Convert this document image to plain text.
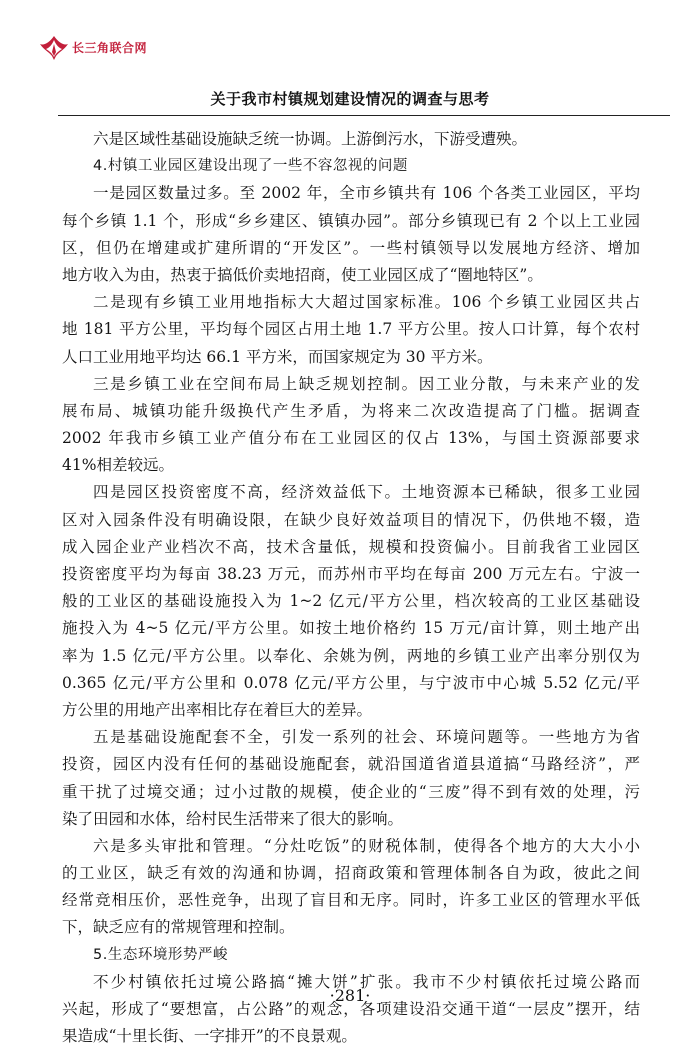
长三角联合网
关于我市村镇规划建设情况的调查与思考
六是区域性基础设施缺乏统一协调。上游倒污水，下游受遭殃。
4.村镇工业园区建设出现了一些不容忽视的问题
一是园区数量过多。至 2002 年，全市乡镇共有 106 个各类工业园区，平均
每个乡镇 1.1 个，形成“乡乡建区、镇镇办园”。部分乡镇现已有 2 个以上工业园
区，但仍在增建或扩建所谓的“开发区”。一些村镇领导以发展地方经济、增加
地方收入为由，热衷于搞低价卖地招商，使工业园区成了“圈地特区”。
二是现有乡镇工业用地指标大大超过国家标准。106 个乡镇工业园区共占
地 181 平方公里，平均每个园区占用土地 1.7 平方公里。按人口计算，每个农村
人口工业用地平均达 66.1 平方米，而国家规定为 30 平方米。
三是乡镇工业在空间布局上缺乏规划控制。因工业分散，与未来产业的发
展布局、城镇功能升级换代产生矛盾，为将来二次改造提高了门槛。据调查
2002 年我市乡镇工业产值分布在工业园区的仅占 13%，与国土资源部要求
41%相差较远。
四是园区投资密度不高，经济效益低下。土地资源本已稀缺，很多工业园
区对入园条件没有明确设限，在缺少良好效益项目的情况下，仍供地不辍，造
成入园企业产业档次不高，技术含量低，规模和投资偏小。目前我省工业园区
投资密度平均为每亩 38.23 万元，而苏州市平均在每亩 200 万元左右。宁波一
般的工业区的基础设施投入为 1~2 亿元/平方公里，档次较高的工业区基础设
施投入为 4~5 亿元/平方公里。如按土地价格约 15 万元/亩计算，则土地产出
率为 1.5 亿元/平方公里。以奉化、余姚为例，两地的乡镇工业产出率分别仅为
0.365 亿元/平方公里和 0.078 亿元/平方公里，与宁波市中心城 5.52 亿元/平
方公里的用地产出率相比存在着巨大的差异。
五是基础设施配套不全，引发一系列的社会、环境问题等。一些地方为省
投资，园区内没有任何的基础设施配套，就沿国道省道县道搞“马路经济”，严
重干扰了过境交通；过小过散的规模，使企业的“三废”得不到有效的处理，污
染了田园和水体，给村民生活带来了很大的影响。
六是多头审批和管理。“分灶吃饭”的财税体制，使得各个地方的大大小小
的工业区，缺乏有效的沟通和协调，招商政策和管理体制各自为政，彼此之间
经常竞相压价，恶性竞争，出现了盲目和无序。同时，许多工业区的管理水平低
下，缺乏应有的常规管理和控制。
5.生态环境形势严峻
不少村镇依托过境公路搞“摊大饼”扩张。我市不少村镇依托过境公路而
兴起，形成了“要想富，占公路”的观念，各项建设沿交通干道“一层皮”摆开，结
果造成“十里长街、一字排开”的不良景观。
·281·
